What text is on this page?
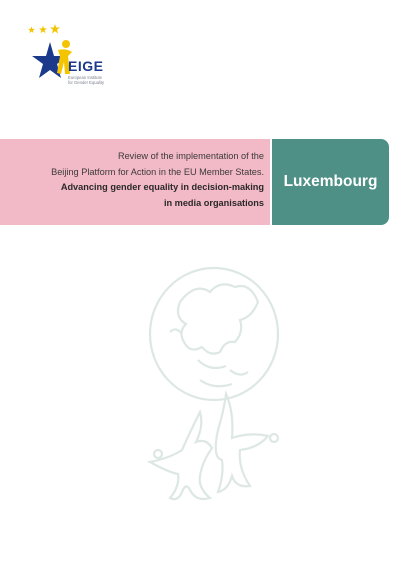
EIGE
European Institute for Gender Equality
Review of the implementation of the
Beijing Platform for Action in the EU Member States.
Advancing gender equality in decision-making
in media organisations
Luxembourg
